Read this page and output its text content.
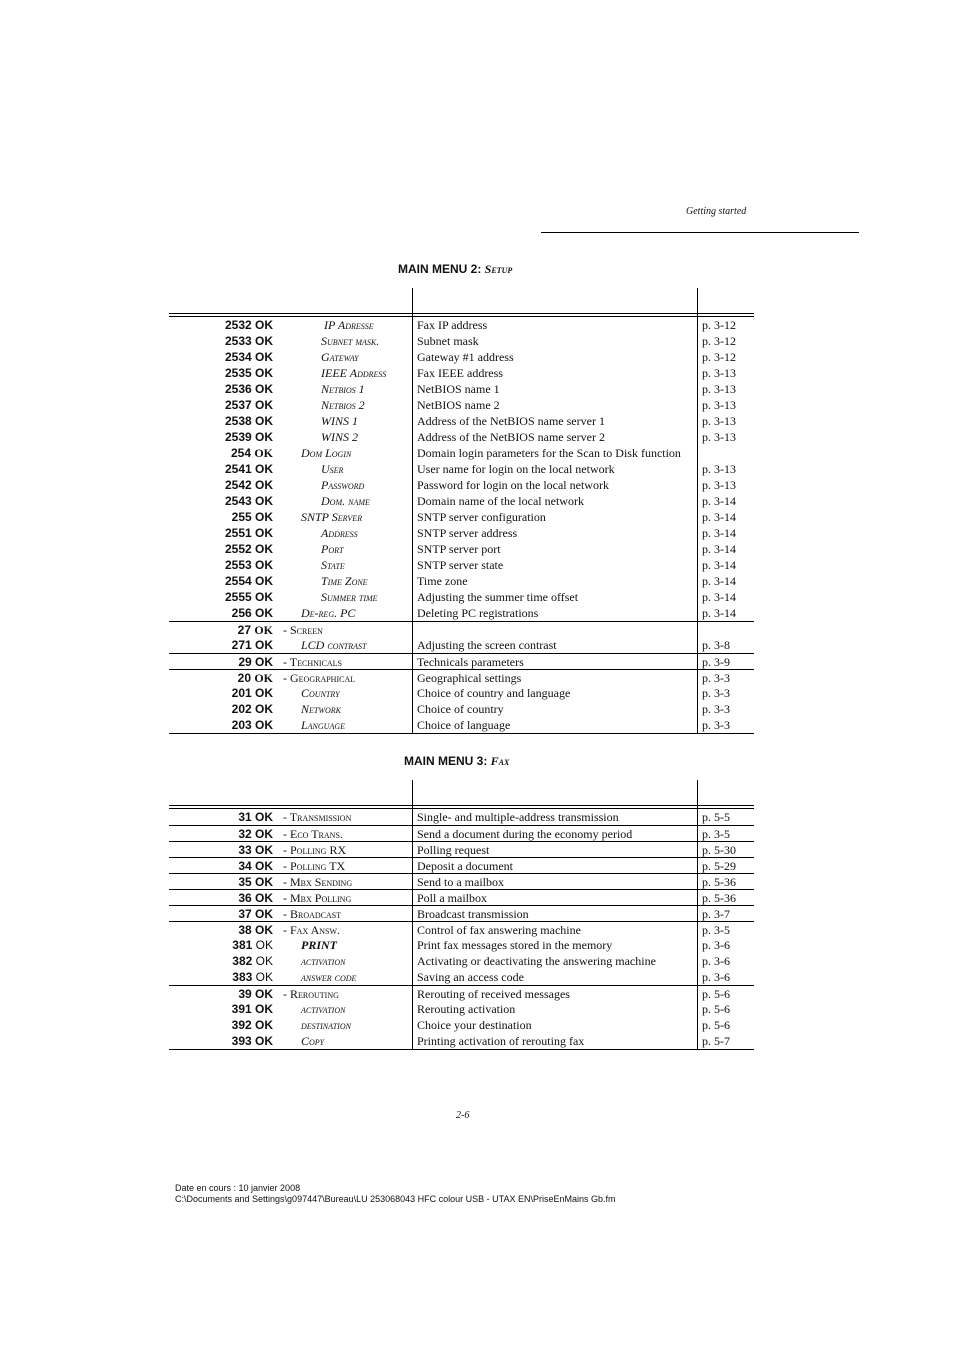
Getting started
MAIN MENU 2: Setup
2532 OK	IP Adresse	Fax IP address	p. 3-12
2533 OK	Subnet mask.	Subnet mask	p. 3-12
2534 OK	Gateway	Gateway #1 address	p. 3-12
2535 OK	IEEE Address	Fax IEEE address	p. 3-13
2536 OK	Netbios 1	NetBIOS name 1	p. 3-13
2537 OK	Netbios 2	NetBIOS name 2	p. 3-13
2538 OK	WINS 1	Address of the NetBIOS name server 1	p. 3-13
2539 OK	WINS 2	Address of the NetBIOS name server 2	p. 3-13
254 OK Dom Login	Domain login parameters for the Scan to Disk function
2541 OK	User	User name for login on the local network	p. 3-13
2542 OK	Password	Password for login on the local network	p. 3-13
2543 OK	Dom. name	Domain name of the local network	p. 3-14
255 OK SNTP Server	SNTP server configuration	p. 3-14
2551 OK	Address	SNTP server address	p. 3-14
2552 OK	Port	SNTP server port	p. 3-14
2553 OK	State	SNTP server state	p. 3-14
2554 OK	Time Zone	Time zone	p. 3-14
2555 OK	Summer time	Adjusting the summer time offset	p. 3-14
256 OK De-reg. PC	Deleting PC registrations	p. 3-14
27 OK - Screen
271 OK LCD contrast	Adjusting the screen contrast	p. 3-8
29 OK - Technicals	Technicals parameters	p. 3-9
20 OK - Geographical	Geographical settings	p. 3-3
201 OK Country	Choice of country and language	p. 3-3
202 OK Network	Choice of country	p. 3-3
203 OK Language	Choice of language	p. 3-3
MAIN MENU 3: Fax
31 OK - Transmission	Single- and multiple-address transmission	p. 5-5
32 OK - Eco Trans.	Send a document during the economy period	p. 3-5
33 OK - Polling RX	Polling request	p. 5-30
34 OK - Polling TX	Deposit a document	p. 5-29
35 OK - Mbx Sending	Send to a mailbox	p. 5-36
36 OK - Mbx Polling	Poll a mailbox	p. 5-36
37 OK - Broadcast	Broadcast transmission	p. 3-7
38 OK - Fax Answ.	Control of fax answering machine	p. 3-5
381 OK PRINT	Print fax messages stored in the memory	p. 3-6
382 OK activation	Activating or deactivating the answering machine	p. 3-6
383 OK answer code	Saving an access code	p. 3-6
39 OK - Rerouting	Rerouting of received messages	p. 5-6
391 OK activation	Rerouting activation	p. 5-6
392 OK destination	Choice your destination	p. 5-6
393 OK Copy	Printing activation of rerouting fax	p. 5-7
2-6
Date en cours : 10 janvier 2008
C:\Documents and Settings\g097447\Bureau\LU 253068043 HFC colour USB - UTAX EN\PriseEnMains Gb.fm
